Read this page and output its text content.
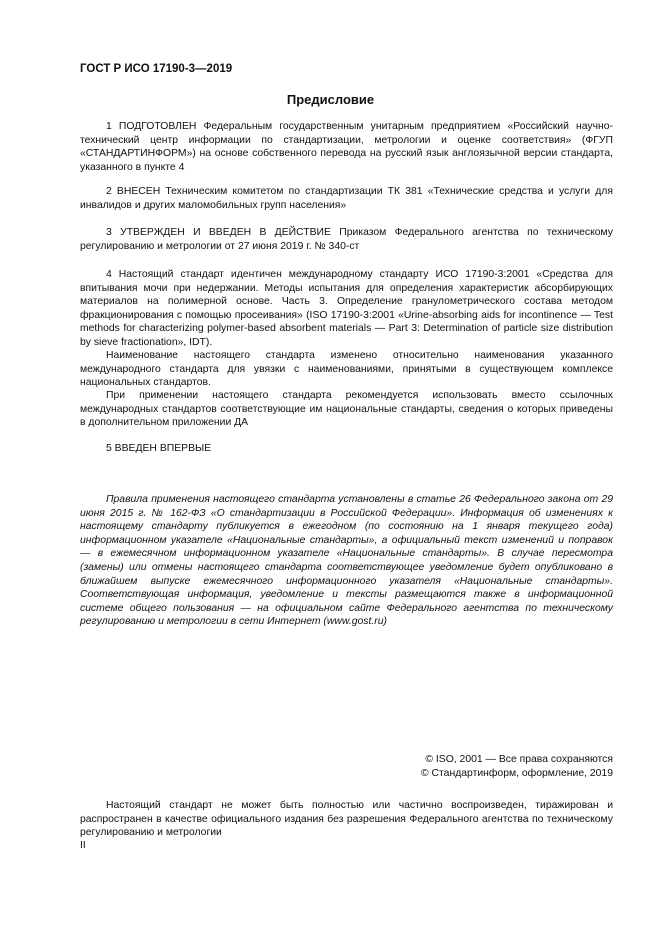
ГОСТ Р ИСО 17190-3—2019
Предисловие
1 ПОДГОТОВЛЕН Федеральным государственным унитарным предприятием «Российский научно-технический центр информации по стандартизации, метрологии и оценке соответствия» (ФГУП «СТАНДАРТИНФОРМ») на основе собственного перевода на русский язык англоязычной версии стандарта, указанного в пункте 4
2 ВНЕСЕН Техническим комитетом по стандартизации ТК 381 «Технические средства и услуги для инвалидов и других маломобильных групп населения»
3 УТВЕРЖДЕН И ВВЕДЕН В ДЕЙСТВИЕ Приказом Федерального агентства по техническому регулированию и метрологии от 27 июня 2019 г. № 340-ст
4 Настоящий стандарт идентичен международному стандарту ИСО 17190-3:2001 «Средства для впитывания мочи при недержании. Методы испытания для определения характеристик абсорбирующих материалов на полимерной основе. Часть 3. Определение гранулометрического состава методом фракционирования с помощью просеивания» (ISO 17190-3:2001 «Urine-absorbing aids for incontinence — Test methods for characterizing polymer-based absorbent materials — Part 3: Determination of particle size distribution by sieve fractionation», IDT).
Наименование настоящего стандарта изменено относительно наименования указанного международного стандарта для увязки с наименованиями, принятыми в существующем комплексе национальных стандартов.
При применении настоящего стандарта рекомендуется использовать вместо ссылочных международных стандартов соответствующие им национальные стандарты, сведения о которых приведены в дополнительном приложении ДА
5 ВВЕДЕН ВПЕРВЫЕ
Правила применения настоящего стандарта установлены в статье 26 Федерального закона от 29 июня 2015 г. № 162-ФЗ «О стандартизации в Российской Федерации». Информация об изменениях к настоящему стандарту публикуется в ежегодном (по состоянию на 1 января текущего года) информационном указателе «Национальные стандарты», а официальный текст изменений и поправок — в ежемесячном информационном указателе «Национальные стандарты». В случае пересмотра (замены) или отмены настоящего стандарта соответствующее уведомление будет опубликовано в ближайшем выпуске ежемесячного информационного указателя «Национальные стандарты». Соответствующая информация, уведомление и тексты размещаются также в информационной системе общего пользования — на официальном сайте Федерального агентства по техническому регулированию и метрологии в сети Интернет (www.gost.ru)
© ISO, 2001 — Все права сохраняются
© Стандартинформ, оформление, 2019
Настоящий стандарт не может быть полностью или частично воспроизведен, тиражирован и распространен в качестве официального издания без разрешения Федерального агентства по техническому регулированию и метрологии
II
